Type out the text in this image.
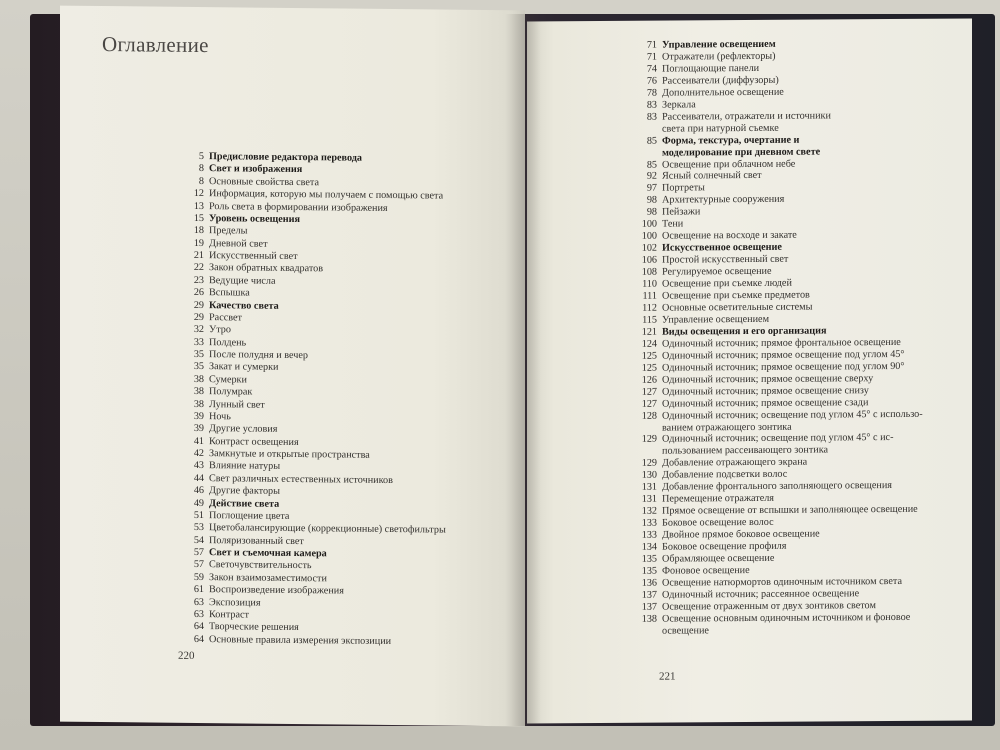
Оглавление
5 Предисловие редактора перевода
8 Свет и изображения
8 Основные свойства света
12 Информация, которую мы получаем с помощью света
13 Роль света в формировании изображения
15 Уровень освещения
18 Пределы
19 Дневной свет
21 Искусственный свет
22 Закон обратных квадратов
23 Ведущие числа
26 Вспышка
29 Качество света
29 Рассвет
32 Утро
33 Полдень
35 После полудня и вечер
35 Закат и сумерки
38 Сумерки
38 Полумрак
38 Лунный свет
39 Ночь
39 Другие условия
41 Контраст освещения
42 Замкнутые и открытые пространства
43 Влияние натуры
44 Свет различных естественных источников
46 Другие факторы
49 Действие света
51 Поглощение цвета
53 Цветобалансирующие (коррекционные) светофильтры
54 Поляризованный свет
57 Свет и съемочная камера
57 Светочувствительность
59 Закон взаимозаместимости
61 Воспроизведение изображения
63 Экспозиция
63 Контраст
64 Творческие решения
64 Основные правила измерения экспозиции
220
71 Управление освещением
71 Отражатели (рефлекторы)
74 Поглощающие панели
76 Рассеиватели (диффузоры)
78 Дополнительное освещение
83 Зеркала
83 Рассеиватели, отражатели и источники
света при натурной съемке
85 Форма, текстура, очертание и
моделирование при дневном свете
85 Освещение при облачном небе
92 Ясный солнечный свет
97 Портреты
98 Архитектурные сооружения
98 Пейзажи
100 Тени
100 Освещение на восходе и закате
102 Искусственное освещение
106 Простой искусственный свет
108 Регулируемое освещение
110 Освещение при съемке людей
111 Освещение при съемке предметов
112 Основные осветительные системы
115 Управление освещением
121 Виды освещения и его организация
124 Одиночный источник; прямое фронтальное освещение
125 Одиночный источник; прямое освещение под углом 45°
125 Одиночный источник; прямое освещение под углом 90°
126 Одиночный источник; прямое освещение сверху
127 Одиночный источник; прямое освещение снизу
127 Одиночный источник; прямое освещение сзади
128 Одиночный источник; освещение под углом 45° с использо-
ванием отражающего зонтика
129 Одиночный источник; освещение под углом 45° с ис-
пользованием рассеивающего зонтика
129 Добавление отражающего экрана
130 Добавление подсветки волос
131 Добавление фронтального заполняющего освещения
131 Перемещение отражателя
132 Прямое освещение от вспышки и заполняющее освещение
133 Боковое освещение волос
133 Двойное прямое боковое освещение
134 Боковое освещение профиля
135 Обрамляющее освещение
135 Фоновое освещение
136 Освещение натюрмортов одиночным источником света
137 Одиночный источник; рассеянное освещение
137 Освещение отраженным от двух зонтиков светом
138 Освещение основным одиночным источником и фоновое
освещение
221
